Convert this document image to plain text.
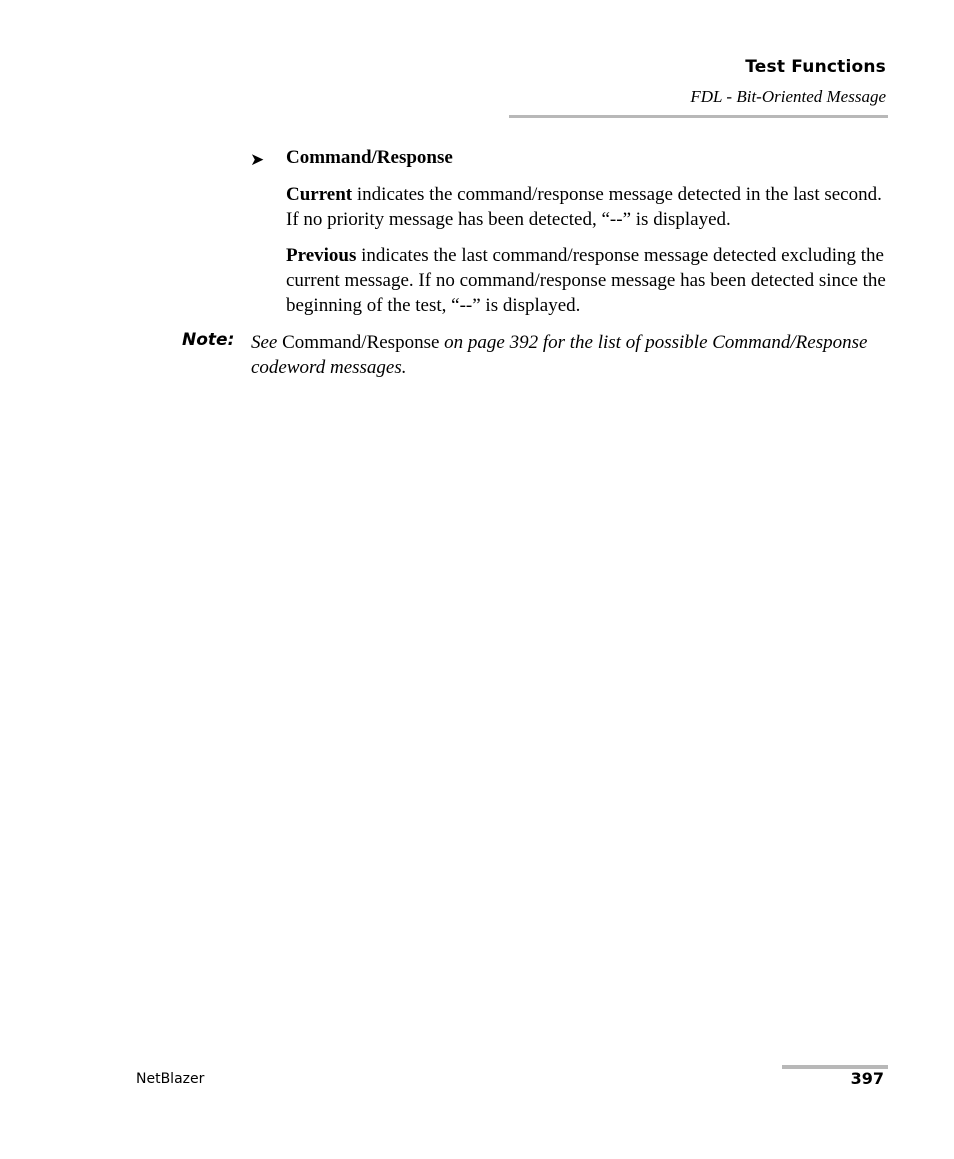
Test Functions
FDL - Bit-Oriented Message
➤ Command/Response

Current indicates the command/response message detected in the last second. If no priority message has been detected, “--” is displayed.

Previous indicates the last command/response message detected excluding the current message. If no command/response message has been detected since the beginning of the test, “--” is displayed.

Note: See Command/Response on page 392 for the list of possible Command/Response codeword messages.
NetBlazer	397
